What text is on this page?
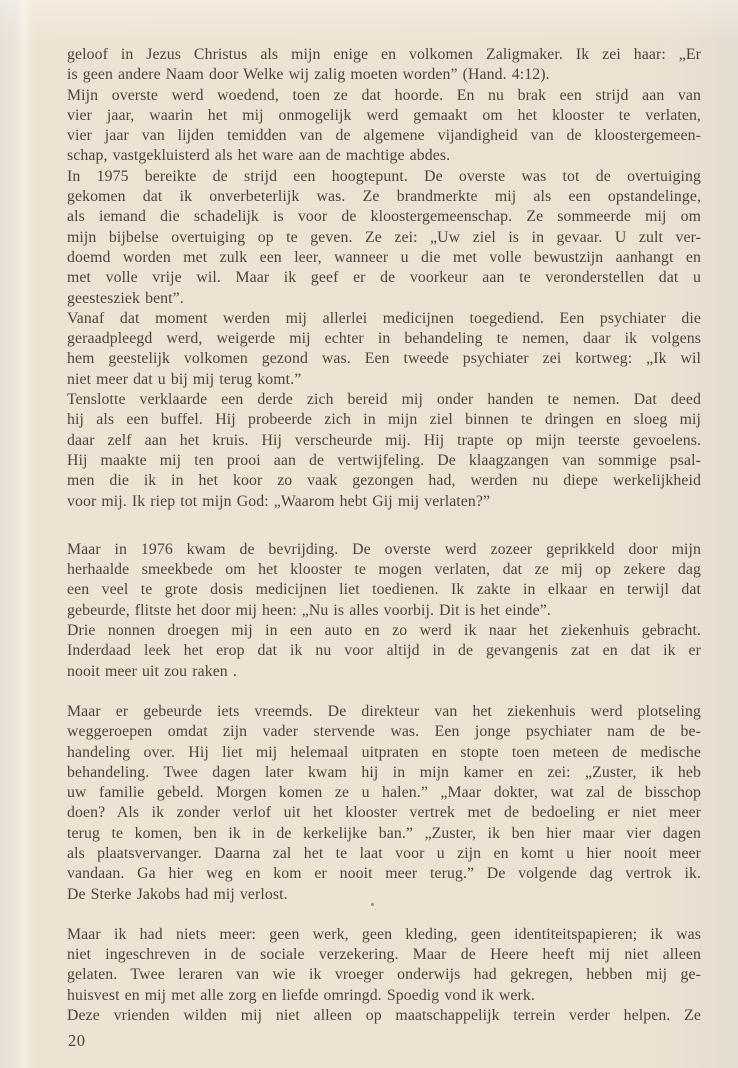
geloof in Jezus Christus als mijn enige en volkomen Zaligmaker. Ik zei haar: „Er
is geen andere Naam door Welke wij zalig moeten worden” (Hand. 4:12).
Mijn overste werd woedend, toen ze dat hoorde. En nu brak een strijd aan van
vier jaar, waarin het mij onmogelijk werd gemaakt om het klooster te verlaten,
vier jaar van lijden temidden van de algemene vijandigheid van de kloostergemeen-
schap, vastgekluisterd als het ware aan de machtige abdes.
In 1975 bereikte de strijd een hoogtepunt. De overste was tot de overtuiging
gekomen dat ik onverbeterlijk was. Ze brandmerkte mij als een opstandelinge,
als iemand die schadelijk is voor de kloostergemeenschap. Ze sommeerde mij om
mijn bijbelse overtuiging op te geven. Ze zei: „Uw ziel is in gevaar. U zult ver-
doemd worden met zulk een leer, wanneer u die met volle bewustzijn aanhangt en
met volle vrije wil. Maar ik geef er de voorkeur aan te veronderstellen dat u
geestesziek bent”.
Vanaf dat moment werden mij allerlei medicijnen toegediend. Een psychiater die
geraadpleegd werd, weigerde mij echter in behandeling te nemen, daar ik volgens
hem geestelijk volkomen gezond was. Een tweede psychiater zei kortweg: „Ik wil
niet meer dat u bij mij terug komt.”
Tenslotte verklaarde een derde zich bereid mij onder handen te nemen. Dat deed
hij als een buffel. Hij probeerde zich in mijn ziel binnen te dringen en sloeg mij
daar zelf aan het kruis. Hij verscheurde mij. Hij trapte op mijn teerste gevoelens.
Hij maakte mij ten prooi aan de vertwijfeling. De klaagzangen van sommige psal-
men die ik in het koor zo vaak gezongen had, werden nu diepe werkelijkheid
voor mij. Ik riep tot mijn God: „Waarom hebt Gij mij verlaten?”
Maar in 1976 kwam de bevrijding. De overste werd zozeer geprikkeld door mijn
herhaalde smeekbede om het klooster te mogen verlaten, dat ze mij op zekere dag
een veel te grote dosis medicijnen liet toedienen. Ik zakte in elkaar en terwijl dat
gebeurde, flitste het door mij heen: „Nu is alles voorbij. Dit is het einde”.
Drie nonnen droegen mij in een auto en zo werd ik naar het ziekenhuis gebracht.
Inderdaad leek het erop dat ik nu voor altijd in de gevangenis zat en dat ik er
nooit meer uit zou raken .
Maar er gebeurde iets vreemds. De direkteur van het ziekenhuis werd plotseling
weggeroepen omdat zijn vader stervende was. Een jonge psychiater nam de be-
handeling over. Hij liet mij helemaal uitpraten en stopte toen meteen de medische
behandeling. Twee dagen later kwam hij in mijn kamer en zei: „Zuster, ik heb
uw familie gebeld. Morgen komen ze u halen.” „Maar dokter, wat zal de bisschop
doen? Als ik zonder verlof uit het klooster vertrek met de bedoeling er niet meer
terug te komen, ben ik in de kerkelijke ban.” „Zuster, ik ben hier maar vier dagen
als plaatsvervanger. Daarna zal het te laat voor u zijn en komt u hier nooit meer
vandaan. Ga hier weg en kom er nooit meer terug.” De volgende dag vertrok ik.
De Sterke Jakobs had mij verlost.
Maar ik had niets meer: geen werk, geen kleding, geen identiteitspapieren; ik was
niet ingeschreven in de sociale verzekering. Maar de Heere heeft mij niet alleen
gelaten. Twee leraren van wie ik vroeger onderwijs had gekregen, hebben mij ge-
huisvest en mij met alle zorg en liefde omringd. Spoedig vond ik werk.
Deze vrienden wilden mij niet alleen op maatschappelijk terrein verder helpen. Ze
20
